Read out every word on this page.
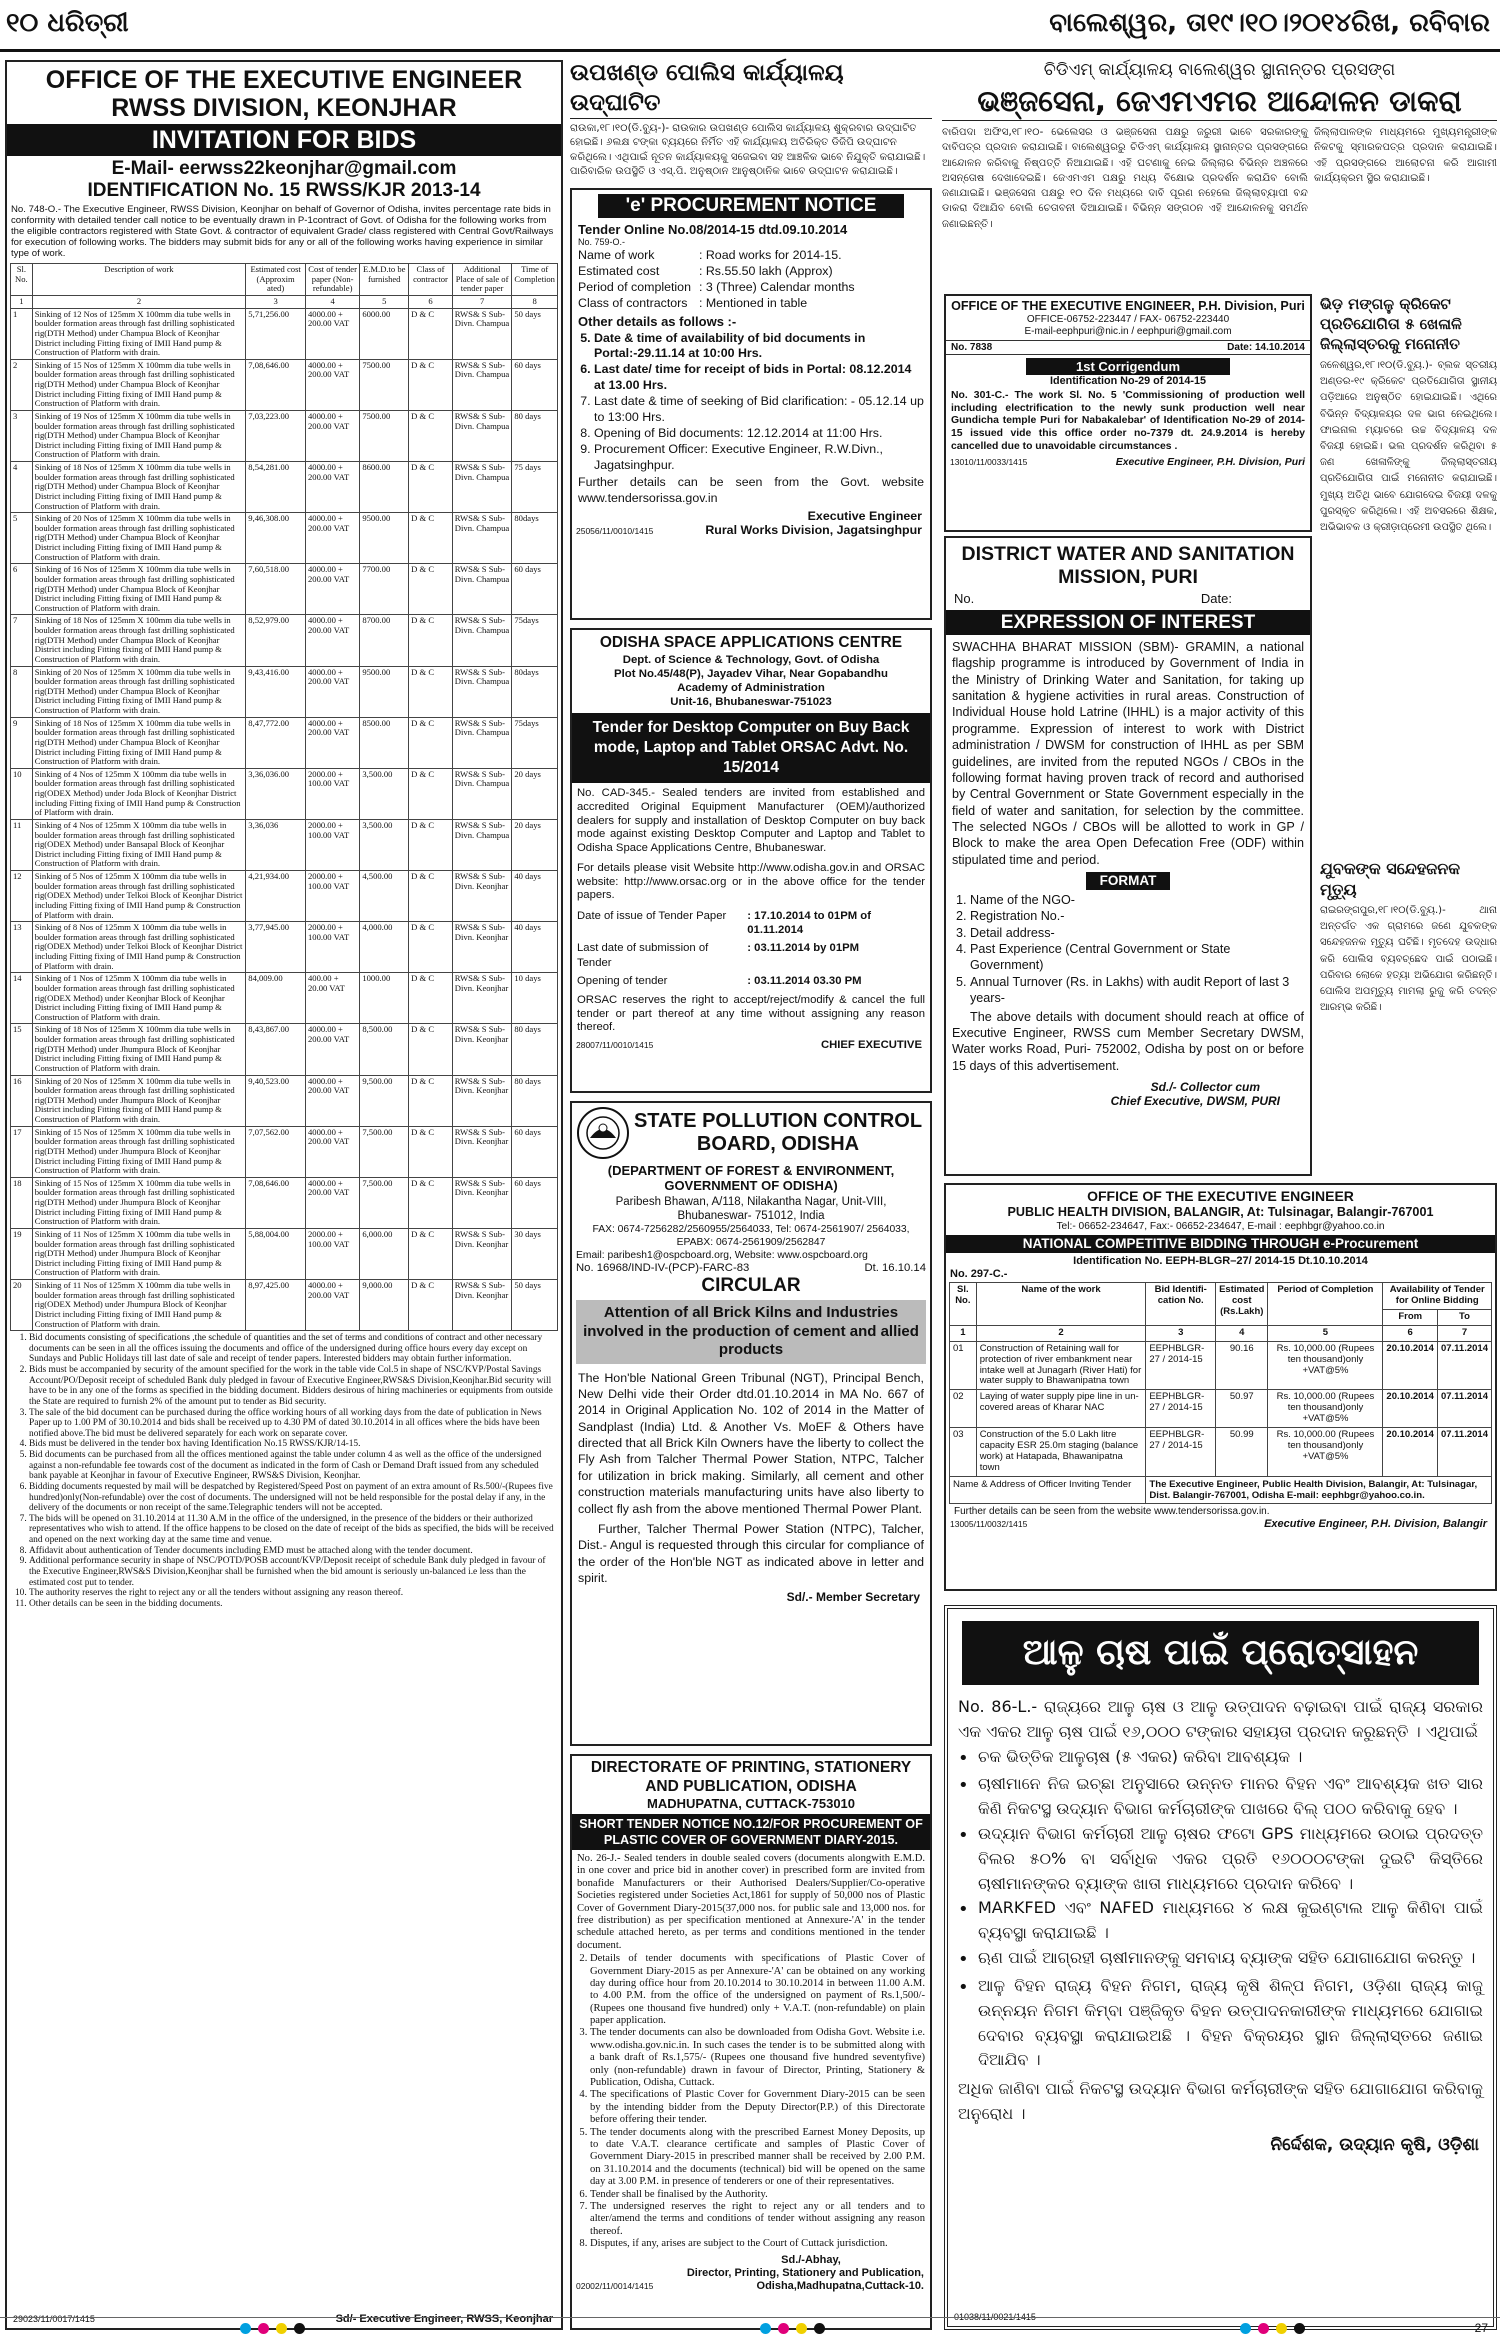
୧୦ ଧରିତ୍ରୀ	ବାଲେଶ୍ୱର, ତା୧୯।୧୦।୨୦୧୪ରିଖ, ରବିବାର
OFFICE OF THE EXECUTIVE ENGINEER
RWSS DIVISION, KEONJHAR
INVITATION FOR BIDS
E-Mail- eerwss22keonjhar@gmail.com
IDENTIFICATION No. 15 RWSS/KJR 2013-14

No. 748-O.- The Executive Engineer, RWSS Division, Keonjhar on behalf of Governor of Odisha, invites percentage rate bids in conformity with detailed tender call notice to be eventually drawn in P-1contract of Govt. of Odisha for the following works from the eligible contractors registered with State Govt. & contractor of equivalent Grade/ class registered with Central Govt/Railways for execution of following works. The bidders may submit bids for any or all of the following works having experience in similar type of work.

Sl. No.	Description of work	Estimated cost (Approxim ated)	Cost of tender paper (Non-refundable)	E.M.D.to be furnished	Class of contractor	Additional Place of sale of tender paper	Time of Completion
1	2	3	4	5	6	7	8
1	Sinking of 12 Nos of 125mm X 100mm dia tube wells in boulder formation areas through fast drilling sophisticated rig(DTH Method) under Champua Block of Keonjhar District including Fitting fixing of IMII Hand pump & Construction of Platform with drain.	5,71,256.00	4000.00 + 200.00 VAT	6000.00	D & C	RWS& S Sub-Divn. Champua	50 days
2	Sinking of 15 Nos of 125mm X 100mm dia tube wells in boulder formation areas through fast drilling sophisticated rig(DTH Method) under Champua Block of Keonjhar District including Fitting fixing of IMII Hand pump & Construction of Platform with drain.	7,08,646.00	4000.00 + 200.00 VAT	7500.00	D & C	RWS& S Sub-Divn. Champua	60 days
3	Sinking of 19 Nos of 125mm X 100mm dia tube wells in boulder formation areas through fast drilling sophisticated rig(DTH Method) under Champua Block of Keonjhar District including Fitting fixing of IMII Hand pump & Construction of Platform with drain.	7,03,223.00	4000.00 + 200.00 VAT	7500.00	D & C	RWS& S Sub-Divn. Champua	80 days
4	Sinking of 18 Nos of 125mm X 100mm dia tube wells in boulder formation areas through fast drilling sophisticated rig(DTH Method) under Champua Block of Keonjhar District including Fitting fixing of IMII Hand pump & Construction of Platform with drain.	8,54,281.00	4000.00 + 200.00 VAT	8600.00	D & C	RWS& S Sub-Divn. Champua	75 days
5	Sinking of 20 Nos of 125mm X 100mm dia tube wells in boulder formation areas through fast drilling sophisticated rig(DTH Method) under Champua Block of Keonjhar District including Fitting fixing of IMII Hand pump & Construction of Platform with drain.	9,46,308.00	4000.00 + 200.00 VAT	9500.00	D & C	RWS& S Sub-Divn. Champua	80days
6	Sinking of 16 Nos of 125mm X 100mm dia tube wells in boulder formation areas through fast drilling sophisticated rig(DTH Method) under Champua Block of Keonjhar District including Fitting fixing of IMII Hand pump & Construction of Platform with drain.	7,60,518.00	4000.00 + 200.00 VAT	7700.00	D & C	RWS& S Sub-Divn. Champua	60 days
7	Sinking of 18 Nos of 125mm X 100mm dia tube wells in boulder formation areas through fast drilling sophisticated rig(DTH Method) under Champua Block of Keonjhar District including Fitting fixing of IMII Hand pump & Construction of Platform with drain.	8,52,979.00	4000.00 + 200.00 VAT	8700.00	D & C	RWS& S Sub-Divn. Champua	75days
8	Sinking of 20 Nos of 125mm X 100mm dia tube wells in boulder formation areas through fast drilling sophisticated rig(DTH Method) under Champua Block of Keonjhar District including Fitting fixing of IMII Hand pump & Construction of Platform with drain.	9,43,416.00	4000.00 + 200.00 VAT	9500.00	D & C	RWS& S Sub-Divn. Champua	80days
9	Sinking of 18 Nos of 125mm X 100mm dia tube wells in boulder formation areas through fast drilling sophisticated rig(DTH Method) under Champua Block of Keonjhar District including Fitting fixing of IMII Hand pump & Construction of Platform with drain.	8,47,772.00	4000.00 + 200.00 VAT	8500.00	D & C	RWS& S Sub-Divn. Champua	75days
10	Sinking of 4 Nos of 125mm X 100mm dia tube wells in boulder formation areas through fast drilling sophisticated rig(ODEX Method) under Joda Block of Keonjhar District including Fitting fixing of IMII Hand pump & Construction of Platform with drain.	3,36,036.00	2000.00 + 100.00 VAT	3,500.00	D & C	RWS& S Sub-Divn. Champua	20 days
11	Sinking of 4 Nos of 125mm X 100mm dia tube wells in boulder formation areas through fast drilling sophisticated rig(ODEX Method) under Bansapal Block of Keonjhar District including Fitting fixing of IMII Hand pump & Construction of Platform with drain.	3,36,036	2000.00 + 100.00 VAT	3,500.00	D & C	RWS& S Sub-Divn. Champua	20 days
12	Sinking of 5 Nos of 125mm X 100mm dia tube wells in boulder formation areas through fast drilling sophisticated rig(ODEX Method) under Telkoi Block of Keonjhar District including Fitting fixing of IMII Hand pump & Construction of Platform with drain.	4,21,934.00	2000.00 + 100.00 VAT	4,500.00	D & C	RWS& S Sub-Divn. Keonjhar	40 days
13	Sinking of 8 Nos of 125mm X 100mm dia tube wells in boulder formation areas through fast drilling sophisticated rig(ODEX Method) under Telkoi Block of Keonjhar District including Fitting fixing of IMII Hand pump & Construction of Platform with drain.	3,77,945.00	2000.00 + 100.00 VAT	4,000.00	D & C	RWS& S Sub-Divn. Keonjhar	40 days
14	Sinking of 1 Nos of 125mm X 100mm dia tube wells in boulder formation areas through fast drilling sophisticated rig(ODEX Method) under Keonjhar Block of Keonjhar District including Fitting fixing of IMII Hand pump & Construction of Platform with drain.	84,009.00	400.00 + 20.00 VAT	1000.00	D & C	RWS& S Sub-Divn. Keonjhar	10 days
15	Sinking of 18 Nos of 125mm X 100mm dia tube wells in boulder formation areas through fast drilling sophisticated rig(DTH Method) under Jhumpura Block of Keonjhar District including Fitting fixing of IMII Hand pump & Construction of Platform with drain.	8,43,867.00	4000.00 + 200.00 VAT	8,500.00	D & C	RWS& S Sub-Divn. Keonjhar	80 days
16	Sinking of 20 Nos of 125mm X 100mm dia tube wells in boulder formation areas through fast drilling sophisticated rig(DTH Method) under Jhumpura Block of Keonjhar District including Fitting fixing of IMII Hand pump & Construction of Platform with drain.	9,40,523.00	4000.00 + 200.00 VAT	9,500.00	D & C	RWS& S Sub-Divn. Keonjhar	80 days
17	Sinking of 15 Nos of 125mm X 100mm dia tube wells in boulder formation areas through fast drilling sophisticated rig(DTH Method) under Jhumpura Block of Keonjhar District including Fitting fixing of IMII Hand pump & Construction of Platform with drain.	7,07,562.00	4000.00 + 200.00 VAT	7,500.00	D & C	RWS& S Sub-Divn. Keonjhar	60 days
18	Sinking of 15 Nos of 125mm X 100mm dia tube wells in boulder formation areas through fast drilling sophisticated rig(DTH Method) under Jhumpura Block of Keonjhar District including Fitting fixing of IMII Hand pump & Construction of Platform with drain.	7,08,646.00	4000.00 + 200.00 VAT	7,500.00	D & C	RWS& S Sub-Divn. Keonjhar	60 days
19	Sinking of 11 Nos of 125mm X 100mm dia tube wells in boulder formation areas through fast drilling sophisticated rig(DTH Method) under Jhumpura Block of Keonjhar District including Fitting fixing of IMII Hand pump & Construction of Platform with drain.	5,88,004.00	2000.00 + 100.00 VAT	6,000.00	D & C	RWS& S Sub-Divn. Keonjhar	30 days
20	Sinking of 11 Nos of 125mm X 100mm dia tube wells in boulder formation areas through fast drilling sophisticated rig(ODEX Method) under Jhumpura Block of Keonjhar District including Fitting fixing of IMII Hand pump & Construction of Platform with drain.	8,97,425.00	4000.00 + 200.00 VAT	9,000.00	D & C	RWS& S Sub-Divn. Keonjhar	50 days
1. Bid documents consisting of specifications ,the schedule of quantities and the set of terms and conditions of contract and other necessary documents can be seen in all the offices issuing the documents and office of the undersigned during office hours every day except on Sundays and Public Holidays till last date of sale and receipt of tender papers. Interested bidders may obtain further information.
2. Bids must be accompanied by security of the amount specified for the work in the table vide Col.5 in shape of NSC/KVP/Postal Savings Account/PO/Deposit receipt of scheduled Bank duly pledged in favour of Executive Engineer,RWS&S Division,Keonjhar.Bid security will have to be in any one of the forms as specified in the bidding document. Bidders desirous of hiring machineries or equipments from outside the State are required to furnish 2% of the amount put to tender as Bid security.
3. The sale of the bid document can be purchased during the office working hours of all working days from the date of publication in News Paper up to 1.00 PM of 30.10.2014 and bids shall be received up to 4.30 PM of dated 30.10.2014 in all offices where the bids have been notified above.The bid must be delivered separately for each work on separate cover.
4. Bids must be delivered in the tender box having Identification No.15 RWSS/KJR/14-15.
5. Bid documents can be purchased from all the offices mentioned against the table under column 4 as well as the office of the undersigned against a non-refundable fee towards cost of the document as indicated in the form of Cash or Demand Draft issued from any scheduled bank payable at Keonjhar in favour of Executive Engineer, RWS&S Division, Keonjhar.
6. Bidding documents requested by mail will be despatched by Registered/Speed Post on payment of an extra amount of Rs.500/-(Rupees five hundred)only(Non-refundable) over the cost of documents. The undersigned will not be held responsible for the postal delay if any, in the delivery of the documents or non receipt of the same.Telegraphic tenders will not be accepted.
7. The bids will be opened on 31.10.2014 at 11.30 A.M in the office of the undersigned, in the presence of the bidders or their authorized representatives who wish to attend. If the office happens to be closed on the date of receipt of the bids as specified, the bids will be received and opened on the next working day at the same time and venue.
8. Affidavit about authentication of Tender documents including EMD must be attached along with the tender document.
9. Additional performance security in shape of NSC/POTD/POSB account/KVP/Deposit receipt of schedule Bank duly pledged in favour of the Executive Engineer,RWS&S Division,Keonjhar shall be furnished when the bid amount is seriously un-balanced i.e less than the estimated cost put to tender.
10. The authority reserves the right to reject any or all the tenders without assigning any reason thereof.
11. Other details can be seen in the bidding documents.
29023/11/0017/1415	Sd/- Executive Engineer, RWSS, Keonjhar
ଉପଖଣ୍ଡ ପୋଲିସ କାର୍ଯ୍ୟାଳୟ ଉଦ୍‌ଘାଟିତ

ରାଉକା,୧୮।୧୦(ଡି.ବ୍ୟୁ-)- ରାଉକାର ଉପଖଣ୍ଡ ପୋଲିସ କାର୍ଯ୍ୟାଳୟ ଶୁକ୍ରବାର ଉଦ୍‌ଘାଟିତ ହୋଇଛି। ୬ଲକ୍ଷ ଟଙ୍କା ବ୍ୟୟରେ ନିର୍ମିତ ଏହି କାର୍ଯ୍ୟାଳୟ ଅତିରିକ୍ତ ଡିଜିପି ଉଦ୍‌ଘାଟନ କରିଥିଲେ। ଏଥିପାଇଁ ନୂତନ କାର୍ଯ୍ୟାଳୟକୁ ସଜେଇବା ସହ ଆଞ୍ଚଳିକ ଭାବେ ନିଯୁକ୍ତି କରାଯାଇଛି। ପାରିବାରିକ ଉପସ୍ଥିତି ଓ ଏସ୍.ପି. ଅନୁଷ୍ଠାନ ଆନୁଷ୍ଠାନିକ ଭାବେ ଉଦ୍‌ଘାଟନ କରାଯାଇଛି।

'e' PROCUREMENT NOTICE
Tender Online No.08/2014-15 dtd.09.10.2014
No. 759-O.-
Name of work	: Road works for 2014-15.
Estimated cost	: Rs.55.50 lakh (Approx)
Period of completion	: 3 (Three) Calendar months
Class of contractors	: Mentioned in table
Other details as follows :-
5. Date & time of availability of bid documents in Portal:-29.11.14 at 10:00 Hrs.
6. Last date/ time for receipt of bids in Portal: 08.12.2014 at 13.00 Hrs.
7. Last date & time of seeking of Bid clarification: - 05.12.14 up to 13:00 Hrs.
8. Opening of Bid documents: 12.12.2014 at 11:00 Hrs.
9. Procurement Officer: Executive Engineer, R.W.Divn., Jagatsinghpur.

Further details can be seen from the Govt. website www.tendersorissa.gov.in

Executive Engineer
25056/11/0010/1415	Rural Works Division, Jagatsinghpur
ODISHA SPACE APPLICATIONS CENTRE
Dept. of Science & Technology, Govt. of Odisha
Plot No.45/48(P), Jayadev Vihar, Near Gopabandhu
Academy of Administration
Unit-16, Bhubaneswar-751023
Tender for Desktop Computer on Buy Back mode, Laptop and Tablet ORSAC Advt. No. 15/2014

No. CAD-345.- Sealed tenders are invited from established and accredited Original Equipment Manufacturer (OEM)/authorized dealers for supply and installation of Desktop Computer on buy back mode against existing Desktop Computer and Laptop and Tablet to Odisha Space Applications Centre, Bhubaneswar.

For details please visit Website http://www.odisha.gov.in and ORSAC website: http://www.orsac.org or in the above office for the tender papers.

Date of issue of Tender Paper	: 17.10.2014 to 01PM of 01.11.2014
Last date of submission of Tender	: 03.11.2014 by 01PM
Opening of tender	: 03.11.2014 03.30 PM

ORSAC reserves the right to accept/reject/modify & cancel the full tender or part thereof at any time without assigning any reason thereof.

28007/11/0010/1415	CHIEF EXECUTIVE
STATE POLLUTION CONTROL BOARD, ODISHA
(DEPARTMENT OF FOREST & ENVIRONMENT, GOVERNMENT OF ODISHA)
Paribesh Bhawan, A/118, Nilakantha Nagar, Unit-VIII,
Bhubaneswar- 751012, India
FAX: 0674-7256282/2560955/2564033, Tel: 0674-2561907/ 2564033, EPABX: 0674-2561909/2562847
Email: paribesh1@ospcboard.org, Website: www.ospcboard.org
No. 16968/IND-IV-(PCP)-FARC-83	Dt. 16.10.14
CIRCULAR
Attention of all Brick Kilns and Industries involved in the production of cement and allied products

The Hon'ble National Green Tribunal (NGT), Principal Bench, New Delhi vide their Order dtd.01.10.2014 in MA No. 667 of 2014 in Original Application No. 102 of 2014 in the Matter of Sandplast (India) Ltd. & Another Vs. MoEF & Others have directed that all Brick Kiln Owners have the liberty to collect the Fly Ash from Talcher Thermal Power Station, NTPC, Talcher for utilization in brick making. Similarly, all cement and other construction materials manufacturing units have also liberty to collect fly ash from the above mentioned Thermal Power Plant.

Further, Talcher Thermal Power Station (NTPC), Talcher, Dist.- Angul is requested through this circular for compliance of the order of the Hon'ble NGT as indicated above in letter and spirit.

Sd/.- Member Secretary
DIRECTORATE OF PRINTING, STATIONERY AND PUBLICATION, ODISHA
MADHUPATNA, CUTTACK-753010
SHORT TENDER NOTICE NO.12/FOR PROCUREMENT OF PLASTIC COVER OF GOVERNMENT DIARY-2015.

No. 26-J.- Sealed tenders in double sealed covers (documents alongwith E.M.D. in one cover and price bid in another cover) in prescribed form are invited from bonafide Manufacturers or their Authorised Dealers/Supplier/Co-operative Societies registered under Societies Act,1861 for supply of 50,000 nos of Plastic Cover of Government Diary-2015(37,000 nos. for public sale and 13,000 nos. for free distribution) as per specification mentioned at Annexure-'A' in the tender schedule attached hereto, as per terms and conditions mentioned in the tender document.

2. Details of tender documents with specifications of Plastic Cover of Government Diary-2015 as per Annexure-'A' can be obtained on any working day during office hour from 20.10.2014 to 30.10.2014 in between 11.00 A.M. to 4.00 P.M. from the office of the undersigned on payment of Rs.1,500/-(Rupees one thousand five hundred) only + V.A.T. (non-refundable) on plain paper application.
3. The tender documents can also be downloaded from Odisha Govt. Website i.e. www.odisha.gov.nic.in. In such cases the tender is to be submitted along with a bank draft of Rs.1,575/- (Rupees one thousand five hundred seventyfive) only (non-refundable) drawn in favour of Director, Printing, Stationery & Publication, Odisha, Cuttack.
4. The specifications of Plastic Cover for Government Diary-2015 can be seen by the intending bidder from the Deputy Director(P.P.) of this Directorate before offering their tender.
5. The tender documents along with the prescribed Earnest Money Deposits, up to date V.A.T. clearance certificate and samples of Plastic Cover of Government Diary-2015 in prescribed manner shall be received by 2.00 P.M. on 31.10.2014 and the documents (technical) bid will be opened on the same day at 3.00 P.M. in presence of tenderers or one of their representatives.
6. Tender shall be finalised by the Authority.
7. The undersigned reserves the right to reject any or all tenders and to alter/amend the terms and conditions of tender without assigning any reason thereof.
8. Disputes, if any, arises are subject to the Court of Cuttack jurisdiction.
Sd./-Abhay,
Director, Printing, Stationery and Publication,
02002/11/0014/1415	Odisha,Madhupatna,Cuttack-10.
ଚିଡିଏମ୍ କାର୍ଯ୍ୟାଳୟ ବାଲେଶ୍ୱର ସ୍ଥାନାନ୍ତର ପ୍ରସଙ୍ଗ
ଭଞ୍ଜସେନା, ଜେଏମଏମର ଆନ୍ଦୋଳନ ଡାକରା

ବାରିପଦା ଅଫିସ,୧୮।୧୦- ଭେଲେସର ଓ ଭଞ୍ଜସେନା ପକ୍ଷରୁ ଜରୁରୀ ଭାବେ ସରକାରଙ୍କୁ ଦାବିପତ୍ର ପ୍ରଦାନ କରାଯାଇଛି। ବାଲେଶ୍ୱରରୁ ଚିଡିଏମ୍ କାର୍ଯ୍ୟାଳୟ ସ୍ଥାନାନ୍ତର ପ୍ରସଙ୍ଗରେ ଆନ୍ଦୋଳନ କରିବାକୁ ନିଷ୍ପତ୍ତି ନିଆଯାଇଛି। ଏହି ଘଟଣାକୁ ନେଇ ଜିଲ୍ଲାର ବିଭିନ୍ନ ଅଞ୍ଚଳରେ ଅସନ୍ତୋଷ ଦେଖାଦେଇଛି। ଜେଏମଏମ ପକ୍ଷରୁ ମଧ୍ୟ ବିକ୍ଷୋଭ ପ୍ରଦର୍ଶନ କରାଯିବ ବୋଲି ଜଣାଯାଇଛି। ଭଞ୍ଜସେନା ପକ୍ଷରୁ ୧୦ ଦିନ ମଧ୍ୟରେ ଦାବି ପୂରଣ ନହେଲେ ଜିଲ୍ଲାବ୍ୟାପୀ ବନ୍ଦ ଡାକରା ଦିଆଯିବ ବୋଲି ଚେତାବନୀ ଦିଆଯାଇଛି। ବିଭିନ୍ନ ସଙ୍ଗଠନ ଏହି ଆନ୍ଦୋଳନକୁ ସମର୍ଥନ ଜଣାଇଛନ୍ତି।

ଜିଲ୍ଲାପାଳଙ୍କ ମାଧ୍ୟମରେ ମୁଖ୍ୟମନ୍ତ୍ରୀଙ୍କ ନିକଟକୁ ସ୍ମାରକପତ୍ର ପ୍ରଦାନ କରାଯାଇଛି। ଏହି ପ୍ରସଙ୍ଗରେ ଆଲୋଚନା କରି ଆଗାମୀ କାର୍ଯ୍ୟକ୍ରମ ସ୍ଥିର କରାଯାଇଛି।

OFFICE OF THE EXECUTIVE ENGINEER, P.H. Division, Puri
OFFICE-06752-223447 / FAX- 06752-223440
E-mail-eephpuri@nic.in / eephpuri@gmail.com
No. 7838	Date: 14.10.2014
1st Corrigendum
Identification No-29 of 2014-15

No. 301-C.- The work Sl. No. 5 'Commissioning of production well including electrification to the newly sunk production well near Gundicha temple Puri for Nabakalebar' of Identification No-29 of 2014-15 issued vide this office order no-7379 dt. 24.9.2014 is hereby cancelled due to unavoidable circumstances .

13010/11/0033/1415	Executive Engineer, P.H. Division, Puri
ଭିଡ଼ ମଙ୍ଗଳୁ କ୍ରିକେଟ ପ୍ରତିଯୋଗିତା ୫ ଖେଳାଳି ଜିଲ୍ଲାସ୍ତରକୁ ମନୋନୀତ

ଜଳେଶ୍ୱର,୧୮।୧୦(ଡି.ବ୍ୟୁ.)- ବ୍ଲକ ସ୍ତରୀୟ ଅଣ୍ଡର-୧୯ କ୍ରିକେଟ ପ୍ରତିଯୋଗିତା ସ୍ଥାନୀୟ ପଡ଼ିଆରେ ଅନୁଷ୍ଠିତ ହୋଇଯାଇଛି। ଏଥିରେ ବିଭିନ୍ନ ବିଦ୍ୟାଳୟର ଦଳ ଭାଗ ନେଇଥିଲେ। ଫାଇନାଲ ମ୍ୟାଚରେ ଉଚ୍ଚ ବିଦ୍ୟାଳୟ ଦଳ ବିଜୟୀ ହୋଇଛି। ଭଲ ପ୍ରଦର୍ଶନ କରିଥିବା ୫ ଜଣ ଖେଳାଳିଙ୍କୁ ଜିଲ୍ଲାସ୍ତରୀୟ ପ୍ରତିଯୋଗିତା ପାଇଁ ମନୋନୀତ କରାଯାଇଛି। ମୁଖ୍ୟ ଅତିଥି ଭାବେ ଯୋଗଦେଇ ବିଜୟୀ ଦଳକୁ ପୁରସ୍କୃତ କରିଥିଲେ। ଏହି ଅବସରରେ ଶିକ୍ଷକ, ଅଭିଭାବକ ଓ କ୍ରୀଡ଼ାପ୍ରେମୀ ଉପସ୍ଥିତ ଥିଲେ।

ଯୁବକଙ୍କ ସନ୍ଦେହଜନକ ମୃତ୍ୟୁ

ରାଇରଙ୍ଗପୁର,୧୮।୧୦(ଡି.ବ୍ୟୁ.)- ଥାନା ଅନ୍ତର୍ଗତ ଏକ ଗ୍ରାମରେ ଜଣେ ଯୁବକଙ୍କ ସନ୍ଦେହଜନକ ମୃତ୍ୟୁ ଘଟିଛି। ମୃତଦେହ ଉଦ୍ଧାର କରି ପୋଲିସ ବ୍ୟବଚ୍ଛେଦ ପାଇଁ ପଠାଇଛି। ପରିବାର ଲୋକେ ହତ୍ୟା ଅଭିଯୋଗ କରିଛନ୍ତି। ପୋଲିସ ଅପମୃତ୍ୟୁ ମାମଲା ରୁଜୁ କରି ତଦନ୍ତ ଆରମ୍ଭ କରିଛି।

DISTRICT WATER AND SANITATION MISSION, PURI
No.	Date:
EXPRESSION OF INTEREST

SWACHHA BHARAT MISSION (SBM)- GRAMIN, a national flagship programme is introduced by Government of India in the Ministry of Drinking Water and Sanitation, for taking up sanitation & hygiene activities in rural areas. Construction of Individual House hold Latrine (IHHL) is a major activity of this programme. Expression of interest to work with District administration / DWSM for construction of IHHL as per SBM guidelines, are invited from the reputed NGOs / CBOs in the following format having proven track of record and authorised by Central Government or State Government especially in the field of water and sanitation, for selection by the committee. The selected NGOs / CBOs will be allotted to work in GP / Block to make the area Open Defecation Free (ODF) within stipulated time and period.

FORMAT
1. Name of the NGO-
2. Registration No.-
3. Detail address-
4. Past Experience (Central Government or State Government)
5. Annual Turnover (Rs. in Lakhs) with audit Report of last 3 years-

The above details with document should reach at office of Executive Engineer, RWSS cum Member Secretary DWSM, Water works Road, Puri- 752002, Odisha by post on or before 15 days of this advertisement.

Sd./- Collector cum
Chief Executive, DWSM, PURI
OFFICE OF THE EXECUTIVE ENGINEER
PUBLIC HEALTH DIVISION, BALANGIR, At: Tulsinagar, Balangir-767001
Tel:- 06652-234647, Fax:- 06652-234647, E-mail : eephbgr@yahoo.co.in
NATIONAL COMPETITIVE BIDDING THROUGH e-Procurement
Identification No. EEPH-BLGR–27/ 2014-15 Dt.10.10.2014
No. 297-C.-
Sl. No.	Name of the work	Bid Identifi-cation No.	Estimated cost (Rs.Lakh)	Period of Completion	Availability of Tender for Online Bidding	
					From	To
1	2	3	4	5	6	7
01	Construction of Retaining wall for protection of river embankment near intake well at Junagarh (River Hati) for water supply to Bhawanipatna town	EEPHBLGR-27 / 2014-15	90.16	Rs. 10,000.00 (Rupees ten thousand)only +VAT@5%	20.10.2014	07.11.2014
02	Laying of water supply pipe line in un-covered areas of Kharar NAC	EEPHBLGR-27 / 2014-15	50.97	Rs. 10,000.00 (Rupees ten thousand)only +VAT@5%	20.10.2014	07.11.2014
03	Construction of the 5.0 Lakh litre capacity ESR 25.0m staging (balance work) at Hatapada, Bhawanipatna town	EEPHBLGR-27 / 2014-15	50.99	Rs. 10,000.00 (Rupees ten thousand)only +VAT@5%	20.10.2014	07.11.2014
Name & Address of Officer Inviting Tender		The Executive Engineer, Public Health Division, Balangir, At: Tulsinagar, Dist. Balangir-767001, Odisha E-mail: eephbgr@yahoo.co.in.				
Further details can be seen from the website www.tendersorissa.gov.in.
13005/11/0032/1415	Executive Engineer, P.H. Division, Balangir
ଆଳୁ ଚାଷ ପାଇଁ ପ୍ରୋତ୍ସାହନ

No. 86-L.- ରାଜ୍ୟରେ ଆଳୁ ଚାଷ ଓ ଆଳୁ ଉତ୍ପାଦନ ବଢ଼ାଇବା ପାଇଁ ରାଜ୍ୟ ସରକାର ଏକ ଏକର ଆଳୁ ଚାଷ ପାଇଁ ୧୬,୦୦୦ ଟଙ୍କାର ସହାୟତା ପ୍ରଦାନ କରୁଛନ୍ତି । ଏଥିପାଇଁ

• ଚକ ଭିତ୍ତିକ ଆଳୁଚାଷ (୫ ଏକର) କରିବା ଆବଶ୍ୟକ ।
• ଚାଷୀମାନେ ନିଜ ଇଚ୍ଛା ଅନୁସାରେ ଉନ୍ନତ ମାନର ବିହନ ଏବଂ ଆବଶ୍ୟକ ଖତ ସାର କିଣି ନିକଟସ୍ଥ ଉଦ୍ୟାନ ବିଭାଗ କର୍ମଚାରୀଙ୍କ ପାଖରେ ବିଲ୍ ପଠଠ କରିବାକୁ ହେବ ।
• ଉଦ୍ୟାନ ବିଭାଗ କର୍ମଚାରୀ ଆଳୁ ଚାଷର ଫଟୋ GPS ମାଧ୍ୟମରେ ଉଠାଇ ପ୍ରଦତ୍ତ ବିଲର ୫୦% ବା ସର୍ବାଧିକ ଏକର ପ୍ରତି ୧୬୦୦୦ଟଙ୍କା ଦୁଇଟି କିସ୍ତିରେ ଚାଷୀମାନଙ୍କର ବ୍ୟାଙ୍କ ଖାତା ମାଧ୍ୟମରେ ପ୍ରଦାନ କରିବେ ।
• MARKFED ଏବଂ NAFED ମାଧ୍ୟମରେ ୪ ଲକ୍ଷ କୁଇଣ୍ଟାଲ ଆଳୁ କିଣିବା ପାଇଁ ବ୍ୟବସ୍ଥା କରାଯାଇଛି ।
• ଋଣ ପାଇଁ ଆଗ୍ରହୀ ଚାଷୀମାନଙ୍କୁ ସମବାୟ ବ୍ୟାଙ୍କ ସହିତ ଯୋଗାଯୋଗ କରନ୍ତୁ ।
• ଆଳୁ ବିହନ ରାଜ୍ୟ ବିହନ ନିଗମ, ରାଜ୍ୟ କୃଷି ଶିଳ୍ପ ନିଗମ, ଓଡ଼ିଶା ରାଜ୍ୟ କାଜୁ ଉନ୍ନୟନ ନିଗମ କିମ୍ବା ପଞ୍ଜିକୃତ ବିହନ ଉତ୍ପାଦନକାରୀଙ୍କ ମାଧ୍ୟମରେ ଯୋଗାଇ ଦେବାର ବ୍ୟବସ୍ଥା କରାଯାଇଅଛି । ବିହନ ବିକ୍ରୟର ସ୍ଥାନ ଜିଲ୍ଲାସ୍ତରେ ଜଣାଇ ଦିଆଯିବ ।

ଅଧିକ ଜାଣିବା ପାଇଁ ନିକଟସ୍ଥ ଉଦ୍ୟାନ ବିଭାଗ କର୍ମଚାରୀଙ୍କ ସହିତ ଯୋଗାଯୋଗ କରିବାକୁ ଅନୁରୋଧ ।

ନିର୍ଦ୍ଦେଶକ, ଉଦ୍ୟାନ କୃଷି, ଓଡ଼ିଶା
01038/11/0021/1415
27
